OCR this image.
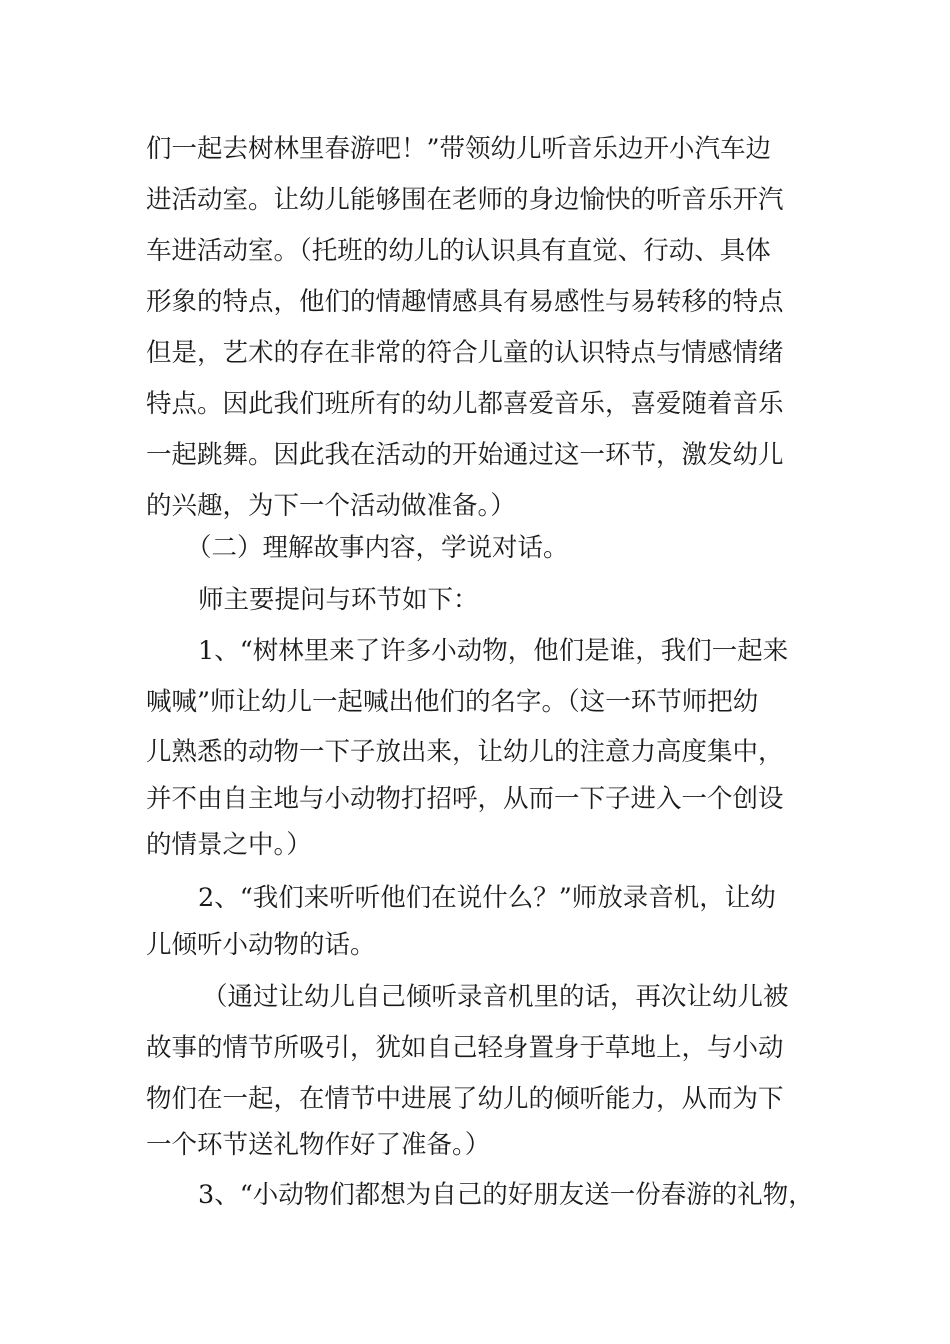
们一起去树林里春游吧！”带领幼儿听音乐边开小汽车边
进活动室。让幼儿能够围在老师的身边愉快的听音乐开汽
车进活动室。（托班的幼儿的认识具有直觉、行动、具体
形象的特点，他们的情趣情感具有易感性与易转移的特点
但是，艺术的存在非常的符合儿童的认识特点与情感情绪
特点。因此我们班所有的幼儿都喜爱音乐，喜爱随着音乐
一起跳舞。因此我在活动的开始通过这一环节，激发幼儿
的兴趣，为下一个活动做准备。）
（二）理解故事内容，学说对话。
师主要提问与环节如下：
1、“树林里来了许多小动物，他们是谁，我们一起来
喊喊”师让幼儿一起喊出他们的名字。（这一环节师把幼
儿熟悉的动物一下子放出来，让幼儿的注意力高度集中，
并不由自主地与小动物打招呼，从而一下子进入一个创设
的情景之中。）
2、“我们来听听他们在说什么？”师放录音机，让幼
儿倾听小动物的话。
（通过让幼儿自己倾听录音机里的话，再次让幼儿被
故事的情节所吸引，犹如自己轻身置身于草地上，与小动
物们在一起，在情节中进展了幼儿的倾听能力，从而为下
一个环节送礼物作好了准备。）
3、“小动物们都想为自己的好朋友送一份春游的礼物，
